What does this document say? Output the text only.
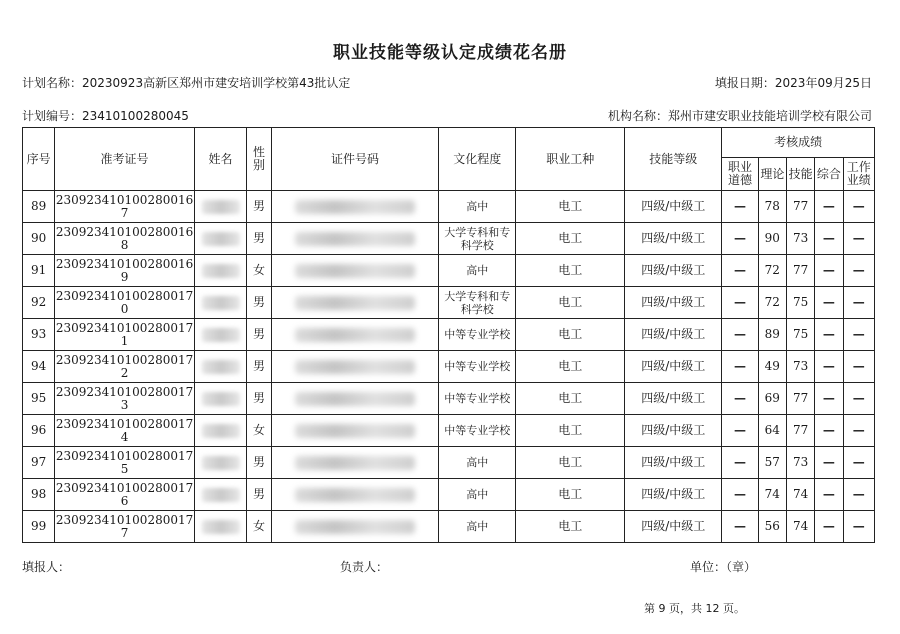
职业技能等级认定成绩花名册
计划名称：20230923高新区郑州市建安培训学校第43批认定	填报日期：2023年09月25日
计划编号：23410100280045	机构名称：郑州市建安职业技能培训学校有限公司
序号	准考证号	姓名	性别	证件号码	文化程度	职业工种	技能等级	考核成绩				
								职业道德	理论	技能	综合	工作业绩
89	230923410100280016​7		男		高中	电工	四级/中级工	—	78	77	—	—
90	230923410100280016​8		男		大学专科和专科学校	电工	四级/中级工	—	90	73	—	—
91	230923410100280016​9		女		高中	电工	四级/中级工	—	72	77	—	—
92	230923410100280017​0		男		大学专科和专科学校	电工	四级/中级工	—	72	75	—	—
93	230923410100280017​1		男		中等专业学校	电工	四级/中级工	—	89	75	—	—
94	230923410100280017​2		男		中等专业学校	电工	四级/中级工	—	49	73	—	—
95	230923410100280017​3		男		中等专业学校	电工	四级/中级工	—	69	77	—	—
96	230923410100280017​4		女		中等专业学校	电工	四级/中级工	—	64	77	—	—
97	230923410100280017​5		男		高中	电工	四级/中级工	—	57	73	—	—
98	230923410100280017​6		男		高中	电工	四级/中级工	—	74	74	—	—
99	230923410100280017​7		女		高中	电工	四级/中级工	—	56	74	—	—
填报人：	负责人：	单位：（章）
第 9 页，共 12 页。
